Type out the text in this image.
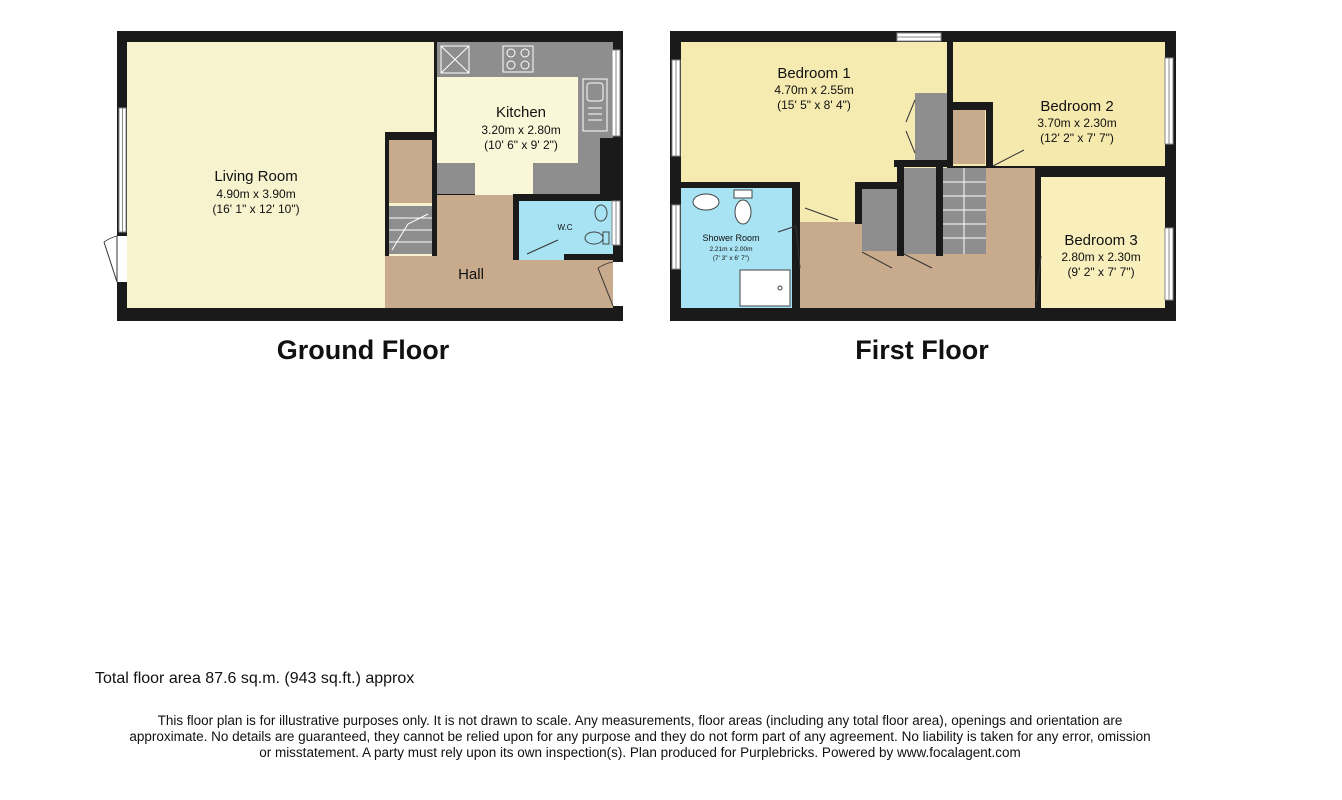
Living Room
4.90m x 3.90m
(16' 1" x 12' 10")
Kitchen
3.20m x 2.80m
(10' 6" x 9' 2")
W.C
Hall
Ground Floor
Bedroom 1
4.70m x 2.55m
(15' 5" x 8' 4")	Bedroom 2
3.70m x 2.30m
(12' 2" x 7' 7")
Bedroom 3
2.80m x 2.30m
(9' 2" x 7' 7")
Shower Room
2.21m x 2.00m
(7' 3" x 6' 7")
First Floor
Total floor area 87.6 sq.m. (943 sq.ft.) approx
This floor plan is for illustrative purposes only. It is not drawn to scale. Any measurements, floor areas (including any total floor area), openings and orientation are
approximate. No details are guaranteed, they cannot be relied upon for any purpose and they do not form part of any agreement. No liability is taken for any error, omission
or misstatement. A party must rely upon its own inspection(s). Plan produced for Purplebricks. Powered by www.focalagent.com
